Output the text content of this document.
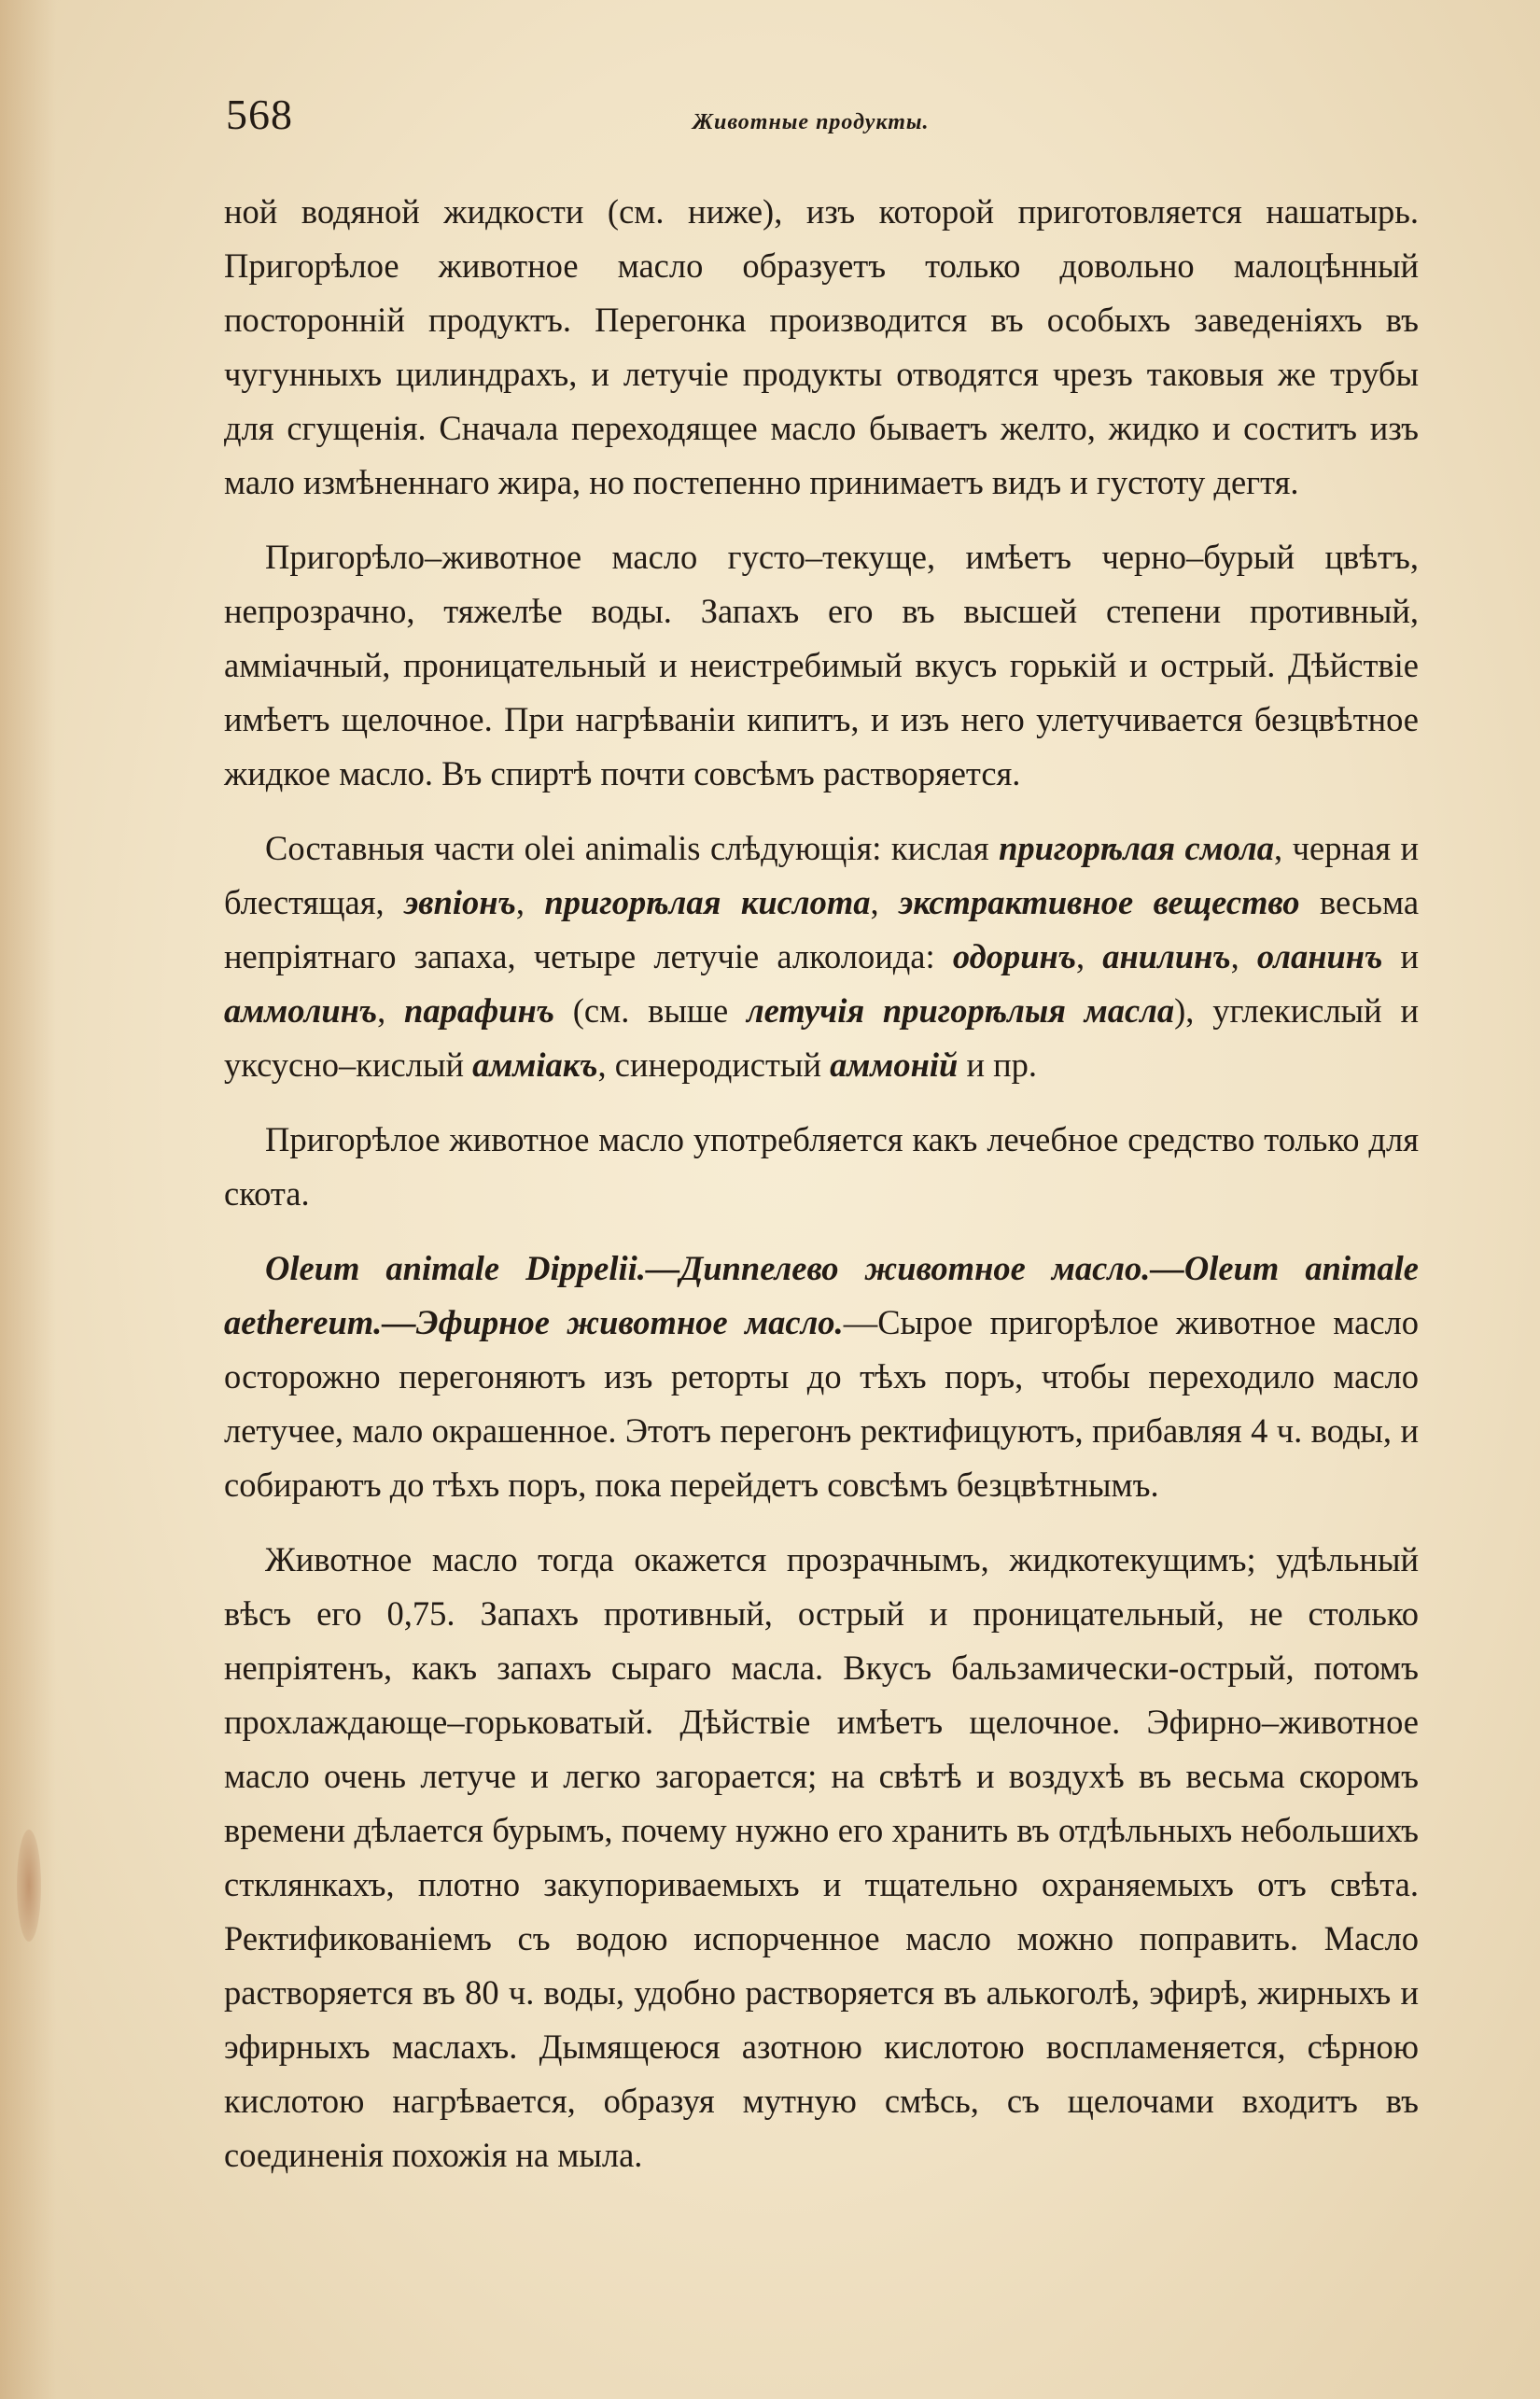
568	Животные продукты.

ной водяной жидкости (см. ниже), изъ которой приготовляется нашатырь. Пригорѣлое животное масло образуетъ только довольно малоцѣнный посторонній продуктъ. Перегонка производится въ особыхъ заведеніяхъ въ чугунныхъ цилиндрахъ, и летучіе продукты отводятся чрезъ таковыя же трубы для сгущенія. Сначала переходящее масло бываетъ желто, жидко и соститъ изъ мало измѣненнаго жира, но постепенно принимаетъ видъ и густоту дегтя.

Пригорѣло–животное масло густо–текуще, имѣетъ черно–бурый цвѣтъ, непрозрачно, тяжелѣе воды. Запахъ его въ высшей степени противный, амміачный, проницательный и неистребимый вкусъ горькій и острый. Дѣйствіе имѣетъ щелочное. При нагрѣваніи кипитъ, и изъ него улетучивается безцвѣтное жидкое масло. Въ спиртѣ почти совсѣмъ растворяется.

Составныя части olei animalis слѣдующія: кислая пригорѣлая смола, черная и блестящая, эвпіонъ, пригорѣлая кислота, экстрактивное вещество весьма непріятнаго запаха, четыре летучіе алколоида: одоринъ, анилинъ, оланинъ и аммолинъ, парафинъ (см. выше летучія пригорѣлыя масла), углекислый и уксусно–кислый амміакъ, синеродистый аммоній и пр.

Пригорѣлое животное масло употребляется какъ лечебное средство только для скота.

Oleum animale Dippelii.—Диппелево животное масло.—Oleum animale aethereum.—Эфирное животное масло.—Сырое пригорѣлое животное масло осторожно перегоняютъ изъ реторты до тѣхъ поръ, чтобы переходило масло летучее, мало окрашенное. Этотъ перегонъ ректифицуютъ, прибавляя 4 ч. воды, и собираютъ до тѣхъ поръ, пока перейдетъ совсѣмъ безцвѣтнымъ.

Животное масло тогда окажется прозрачнымъ, жидкотекущимъ; удѣльный вѣсъ его 0,75. Запахъ противный, острый и проницательный, не столько непріятенъ, какъ запахъ сыраго масла. Вкусъ бальзамически-острый, потомъ прохлаждающе–горьковатый. Дѣйствіе имѣетъ щелочное. Эфирно–животное масло очень летуче и легко загорается; на свѣтѣ и воздухѣ въ весьма скоромъ времени дѣлается бурымъ, почему нужно его хранить въ отдѣльныхъ небольшихъ стклянкахъ, плотно закупориваемыхъ и тщательно охраняемыхъ отъ свѣта. Ректификованіемъ съ водою испорченное масло можно поправить. Масло растворяется въ 80 ч. воды, удобно растворяется въ алькоголѣ, эфирѣ, жирныхъ и эфирныхъ маслахъ. Дымящеюся азотною кислотою воспламеняется, сѣрною кислотою нагрѣвается, образуя мутную смѣсь, съ щелочами входитъ въ соединенія похожія на мыла.
